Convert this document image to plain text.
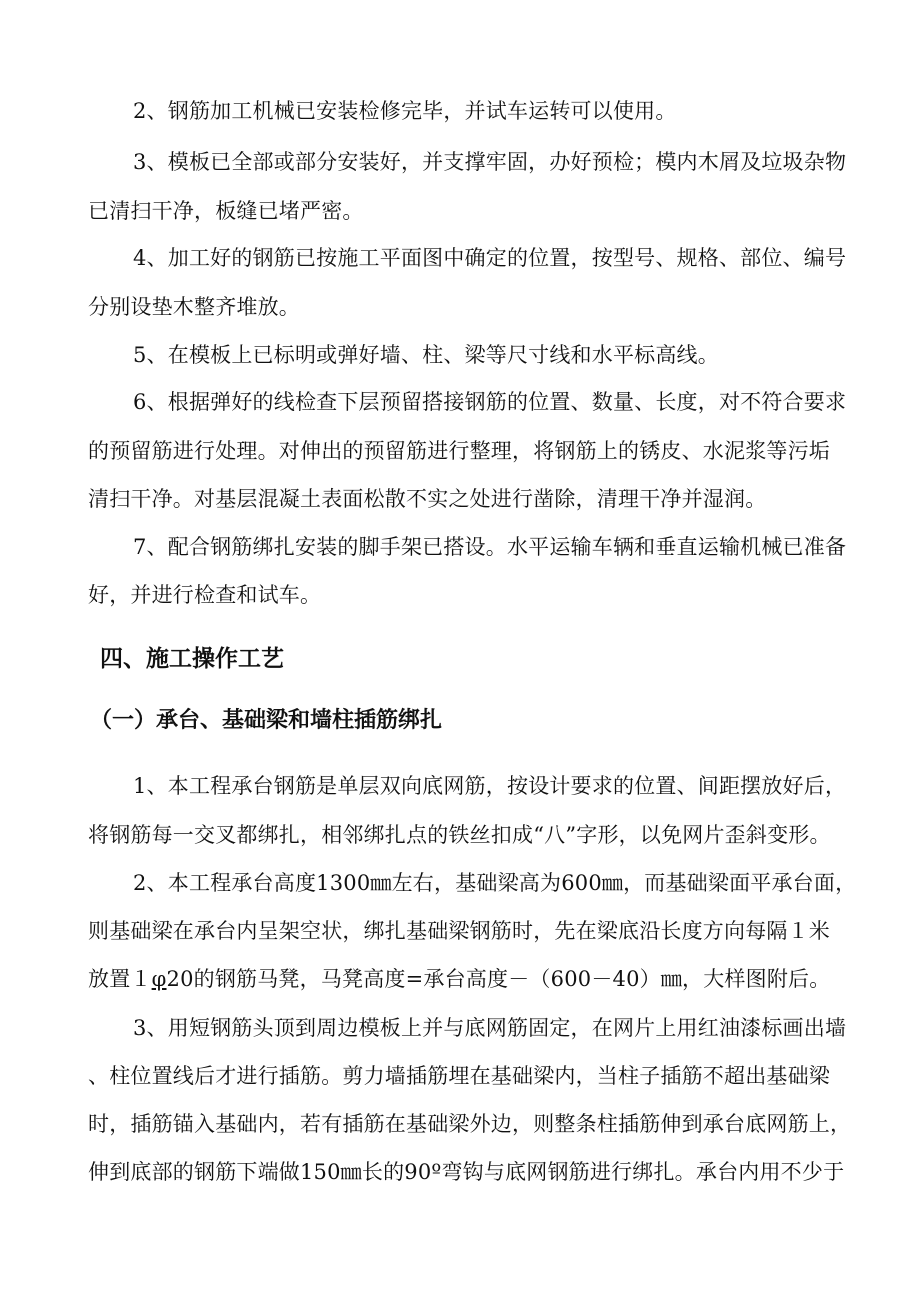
2、钢筋加工机械已安装检修完毕，并试车运转可以使用。
3、模板已全部或部分安装好，并支撑牢固，办好预检；模内木屑及垃圾杂物
已清扫干净，板缝已堵严密。
4、加工好的钢筋已按施工平面图中确定的位置，按型号、规格、部位、编号
分别设垫木整齐堆放。
5、在模板上已标明或弹好墙、柱、梁等尺寸线和水平标高线。
6、根据弹好的线检查下层预留搭接钢筋的位置、数量、长度，对不符合要求
的预留筋进行处理。对伸出的预留筋进行整理，将钢筋上的锈皮、水泥浆等污垢
清扫干净。对基层混凝土表面松散不实之处进行凿除，清理干净并湿润。
7、配合钢筋绑扎安装的脚手架已搭设。水平运输车辆和垂直运输机械已准备
好，并进行检查和试车。
四、施工操作工艺
（一）承台、基础梁和墙柱插筋绑扎
1、本工程承台钢筋是单层双向底网筋，按设计要求的位置、间距摆放好后，
将钢筋每一交叉都绑扎，相邻绑扎点的铁丝扣成“八”字形，以免网片歪斜变形。
2、本工程承台高度1300㎜左右，基础梁高为600㎜，而基础梁面平承台面，
则基础梁在承台内呈架空状，绑扎基础梁钢筋时，先在梁底沿长度方向每隔１米
放置１φ20的钢筋马凳，马凳高度=承台高度－（600－40）㎜，大样图附后。
3、用短钢筋头顶到周边模板上并与底网筋固定，在网片上用红油漆标画出墙
、柱位置线后才进行插筋。剪力墙插筋埋在基础梁内，当柱子插筋不超出基础梁
时，插筋锚入基础内，若有插筋在基础梁外边，则整条柱插筋伸到承台底网筋上，
伸到底部的钢筋下端做150㎜长的90º弯钩与底网钢筋进行绑扎。承台内用不少于
